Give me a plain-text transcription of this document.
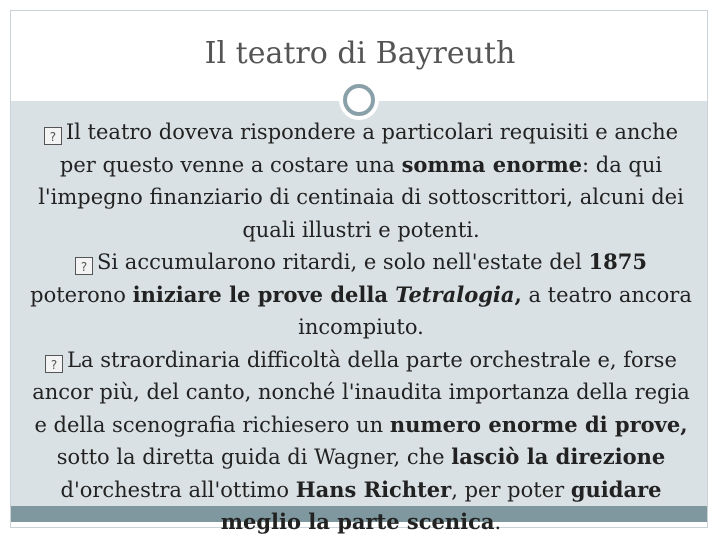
Il teatro di Bayreuth

? Il teatro doveva rispondere a particolari requisiti e anche per questo venne a costare una somma enorme: da qui l'impegno finanziario di centinaia di sottoscrittori, alcuni dei quali illustri e potenti.

? Si accumularono ritardi, e solo nell'estate del 1875 poterono iniziare le prove della Tetralogia, a teatro ancora incompiuto.

? La straordinaria difficoltà della parte orchestrale e, forse ancor più, del canto, nonché l'inaudita importanza della regia e della scenografia richiesero un numero enorme di prove, sotto la diretta guida di Wagner, che lasciò la direzione d'orchestra all'ottimo Hans Richter, per poter guidare meglio la parte scenica.
